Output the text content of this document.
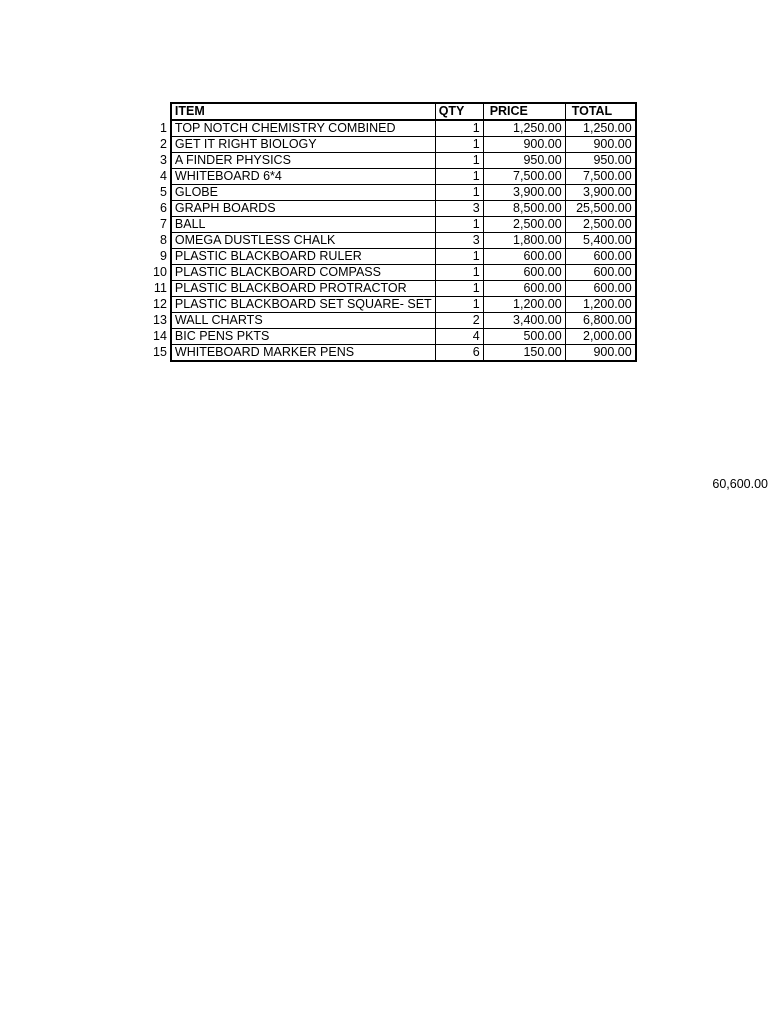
	ITEM	QTY	PRICE	TOTAL
1	TOP NOTCH CHEMISTRY COMBINED	1	1,250.00	1,250.00
2	GET IT RIGHT BIOLOGY	1	900.00	900.00
3	A FINDER PHYSICS	1	950.00	950.00
4	WHITEBOARD 6*4	1	7,500.00	7,500.00
5	GLOBE	1	3,900.00	3,900.00
6	GRAPH BOARDS	3	8,500.00	25,500.00
7	BALL	1	2,500.00	2,500.00
8	OMEGA DUSTLESS CHALK	3	1,800.00	5,400.00
9	PLASTIC BLACKBOARD RULER	1	600.00	600.00
10	PLASTIC BLACKBOARD COMPASS	1	600.00	600.00
11	PLASTIC BLACKBOARD PROTRACTOR	1	600.00	600.00
12	PLASTIC BLACKBOARD SET SQUARE- SET	1	1,200.00	1,200.00
13	WALL CHARTS	2	3,400.00	6,800.00
14	BIC PENS PKTS	4	500.00	2,000.00
15	WHITEBOARD MARKER PENS	6	150.00	900.00
60,600.00
